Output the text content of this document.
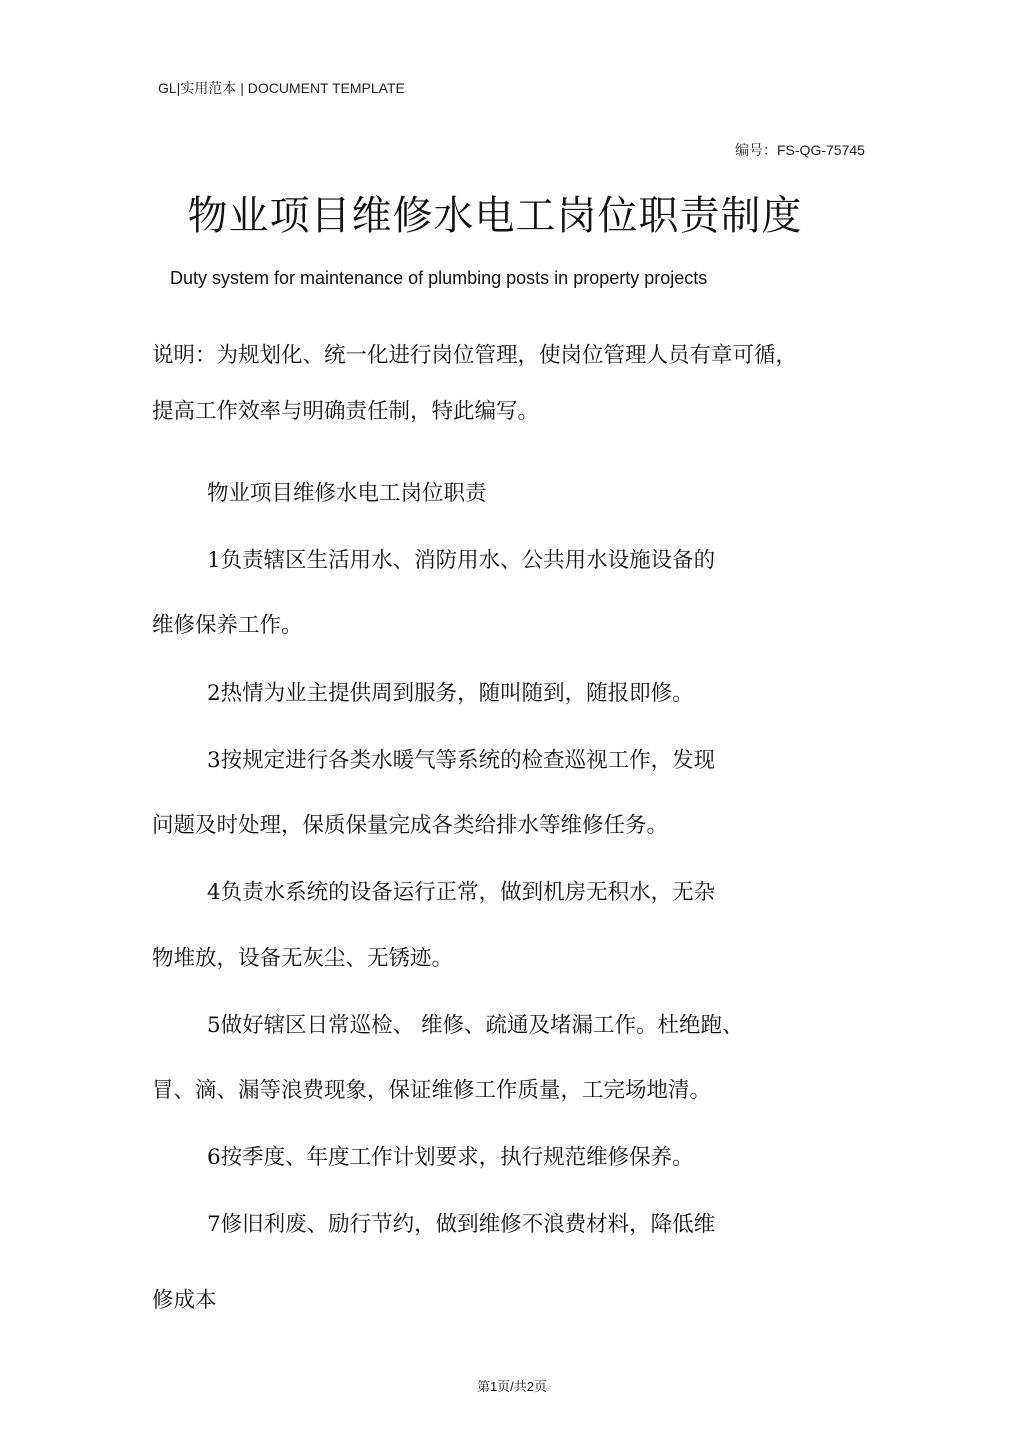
GL|实用范本 | DOCUMENT TEMPLATE
编号：FS-QG-75745
物业项目维修水电工岗位职责制度
Duty system for maintenance of plumbing posts in property projects
说明：为规划化、统一化进行岗位管理，使岗位管理人员有章可循，
提高工作效率与明确责任制，特此编写。
物业项目维修水电工岗位职责
1负责辖区生活用水、消防用水、公共用水设施设备的
维修保养工作。
2热情为业主提供周到服务，随叫随到，随报即修。
3按规定进行各类水暖气等系统的检查巡视工作，发现
问题及时处理，保质保量完成各类给排水等维修任务。
4负责水系统的设备运行正常，做到机房无积水，无杂
物堆放，设备无灰尘、无锈迹。
5做好辖区日常巡检、 维修、疏通及堵漏工作。杜绝跑、
冒、滴、漏等浪费现象，保证维修工作质量，工完场地清。
6按季度、年度工作计划要求，执行规范维修保养。
7修旧利废、励行节约，做到维修不浪费材料，降低维
修成本
第1页/共2页
